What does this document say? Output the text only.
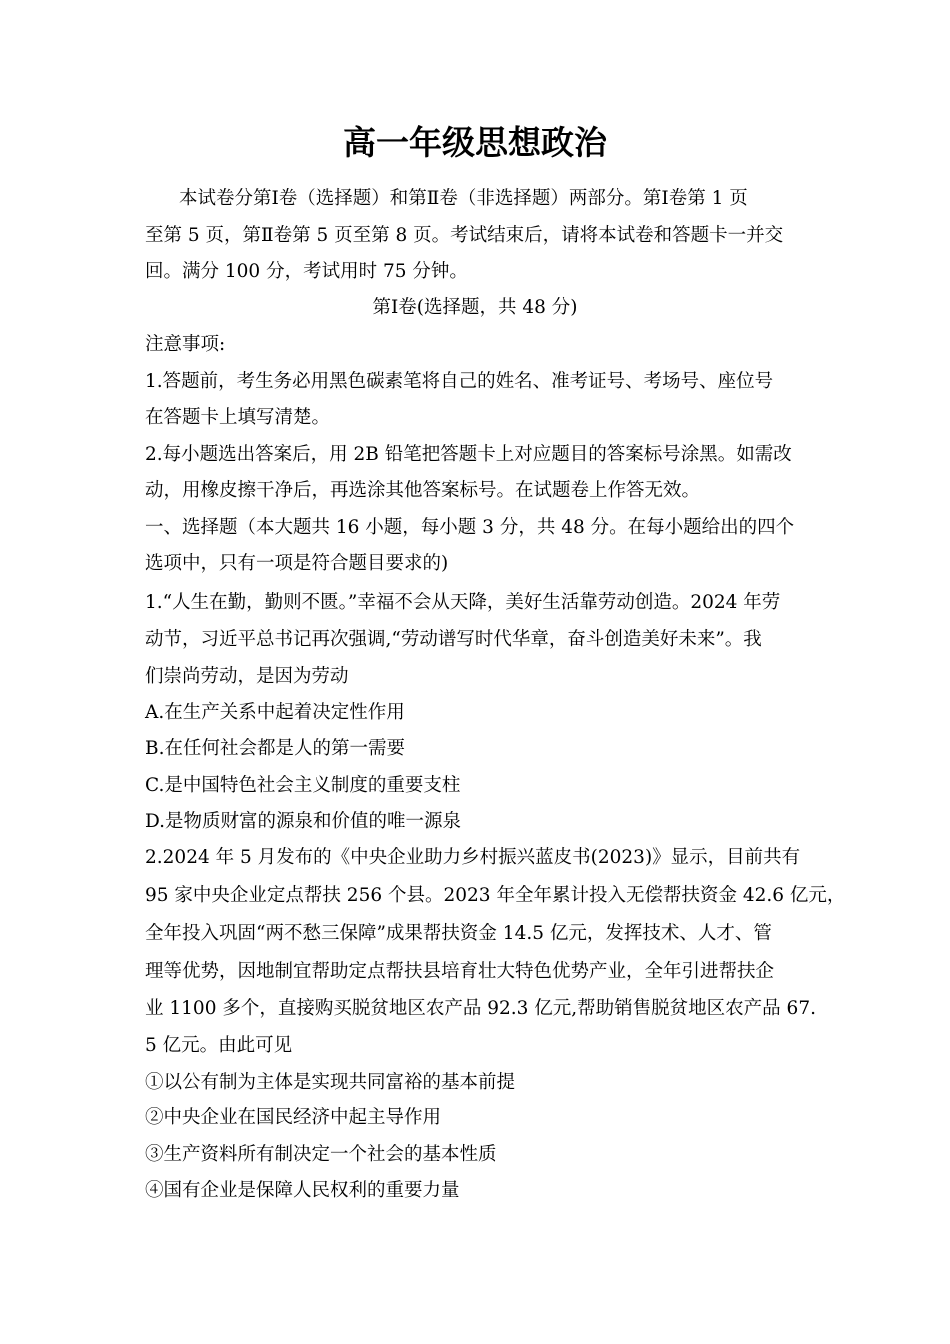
高一年级思想政治
本试卷分第Ⅰ卷（选择题）和第Ⅱ卷（非选择题）两部分。第Ⅰ卷第 1 页
至第 5 页，第Ⅱ卷第 5 页至第 8 页。考试结束后，请将本试卷和答题卡一并交
回。满分 100 分，考试用时 75 分钟。
第Ⅰ卷(选择题，共 48 分)
注意事项:
1.答题前，考生务必用黑色碳素笔将自己的姓名、准考证号、考场号、座位号
在答题卡上填写清楚。
2.每小题选出答案后，用 2B 铅笔把答题卡上对应题目的答案标号涂黑。如需改
动，用橡皮擦干净后，再选涂其他答案标号。在试题卷上作答无效。
一、选择题（本大题共 16 小题，每小题 3 分，共 48 分。在每小题给出的四个
选项中，只有一项是符合题目要求的)
1.“人生在勤，勤则不匮。”幸福不会从天降，美好生活靠劳动创造。2024 年劳
动节，习近平总书记再次强调,“劳动谱写时代华章，奋斗创造美好未来”。我
们崇尚劳动，是因为劳动
A.在生产关系中起着决定性作用
B.在任何社会都是人的第一需要
C.是中国特色社会主义制度的重要支柱
D.是物质财富的源泉和价值的唯一源泉
2.2024 年 5 月发布的《中央企业助力乡村振兴蓝皮书(2023)》显示，目前共有
95 家中央企业定点帮扶 256 个县。2023 年全年累计投入无偿帮扶资金 42.6 亿元，
全年投入巩固“两不愁三保障”成果帮扶资金 14.5 亿元，发挥技术、人才、管
理等优势，因地制宜帮助定点帮扶县培育壮大特色优势产业，全年引进帮扶企
业 1100 多个，直接购买脱贫地区农产品 92.3 亿元,帮助销售脱贫地区农产品 67.
5 亿元。由此可见
①以公有制为主体是实现共同富裕的基本前提
②中央企业在国民经济中起主导作用
③生产资料所有制决定一个社会的基本性质
④国有企业是保障人民权利的重要力量
